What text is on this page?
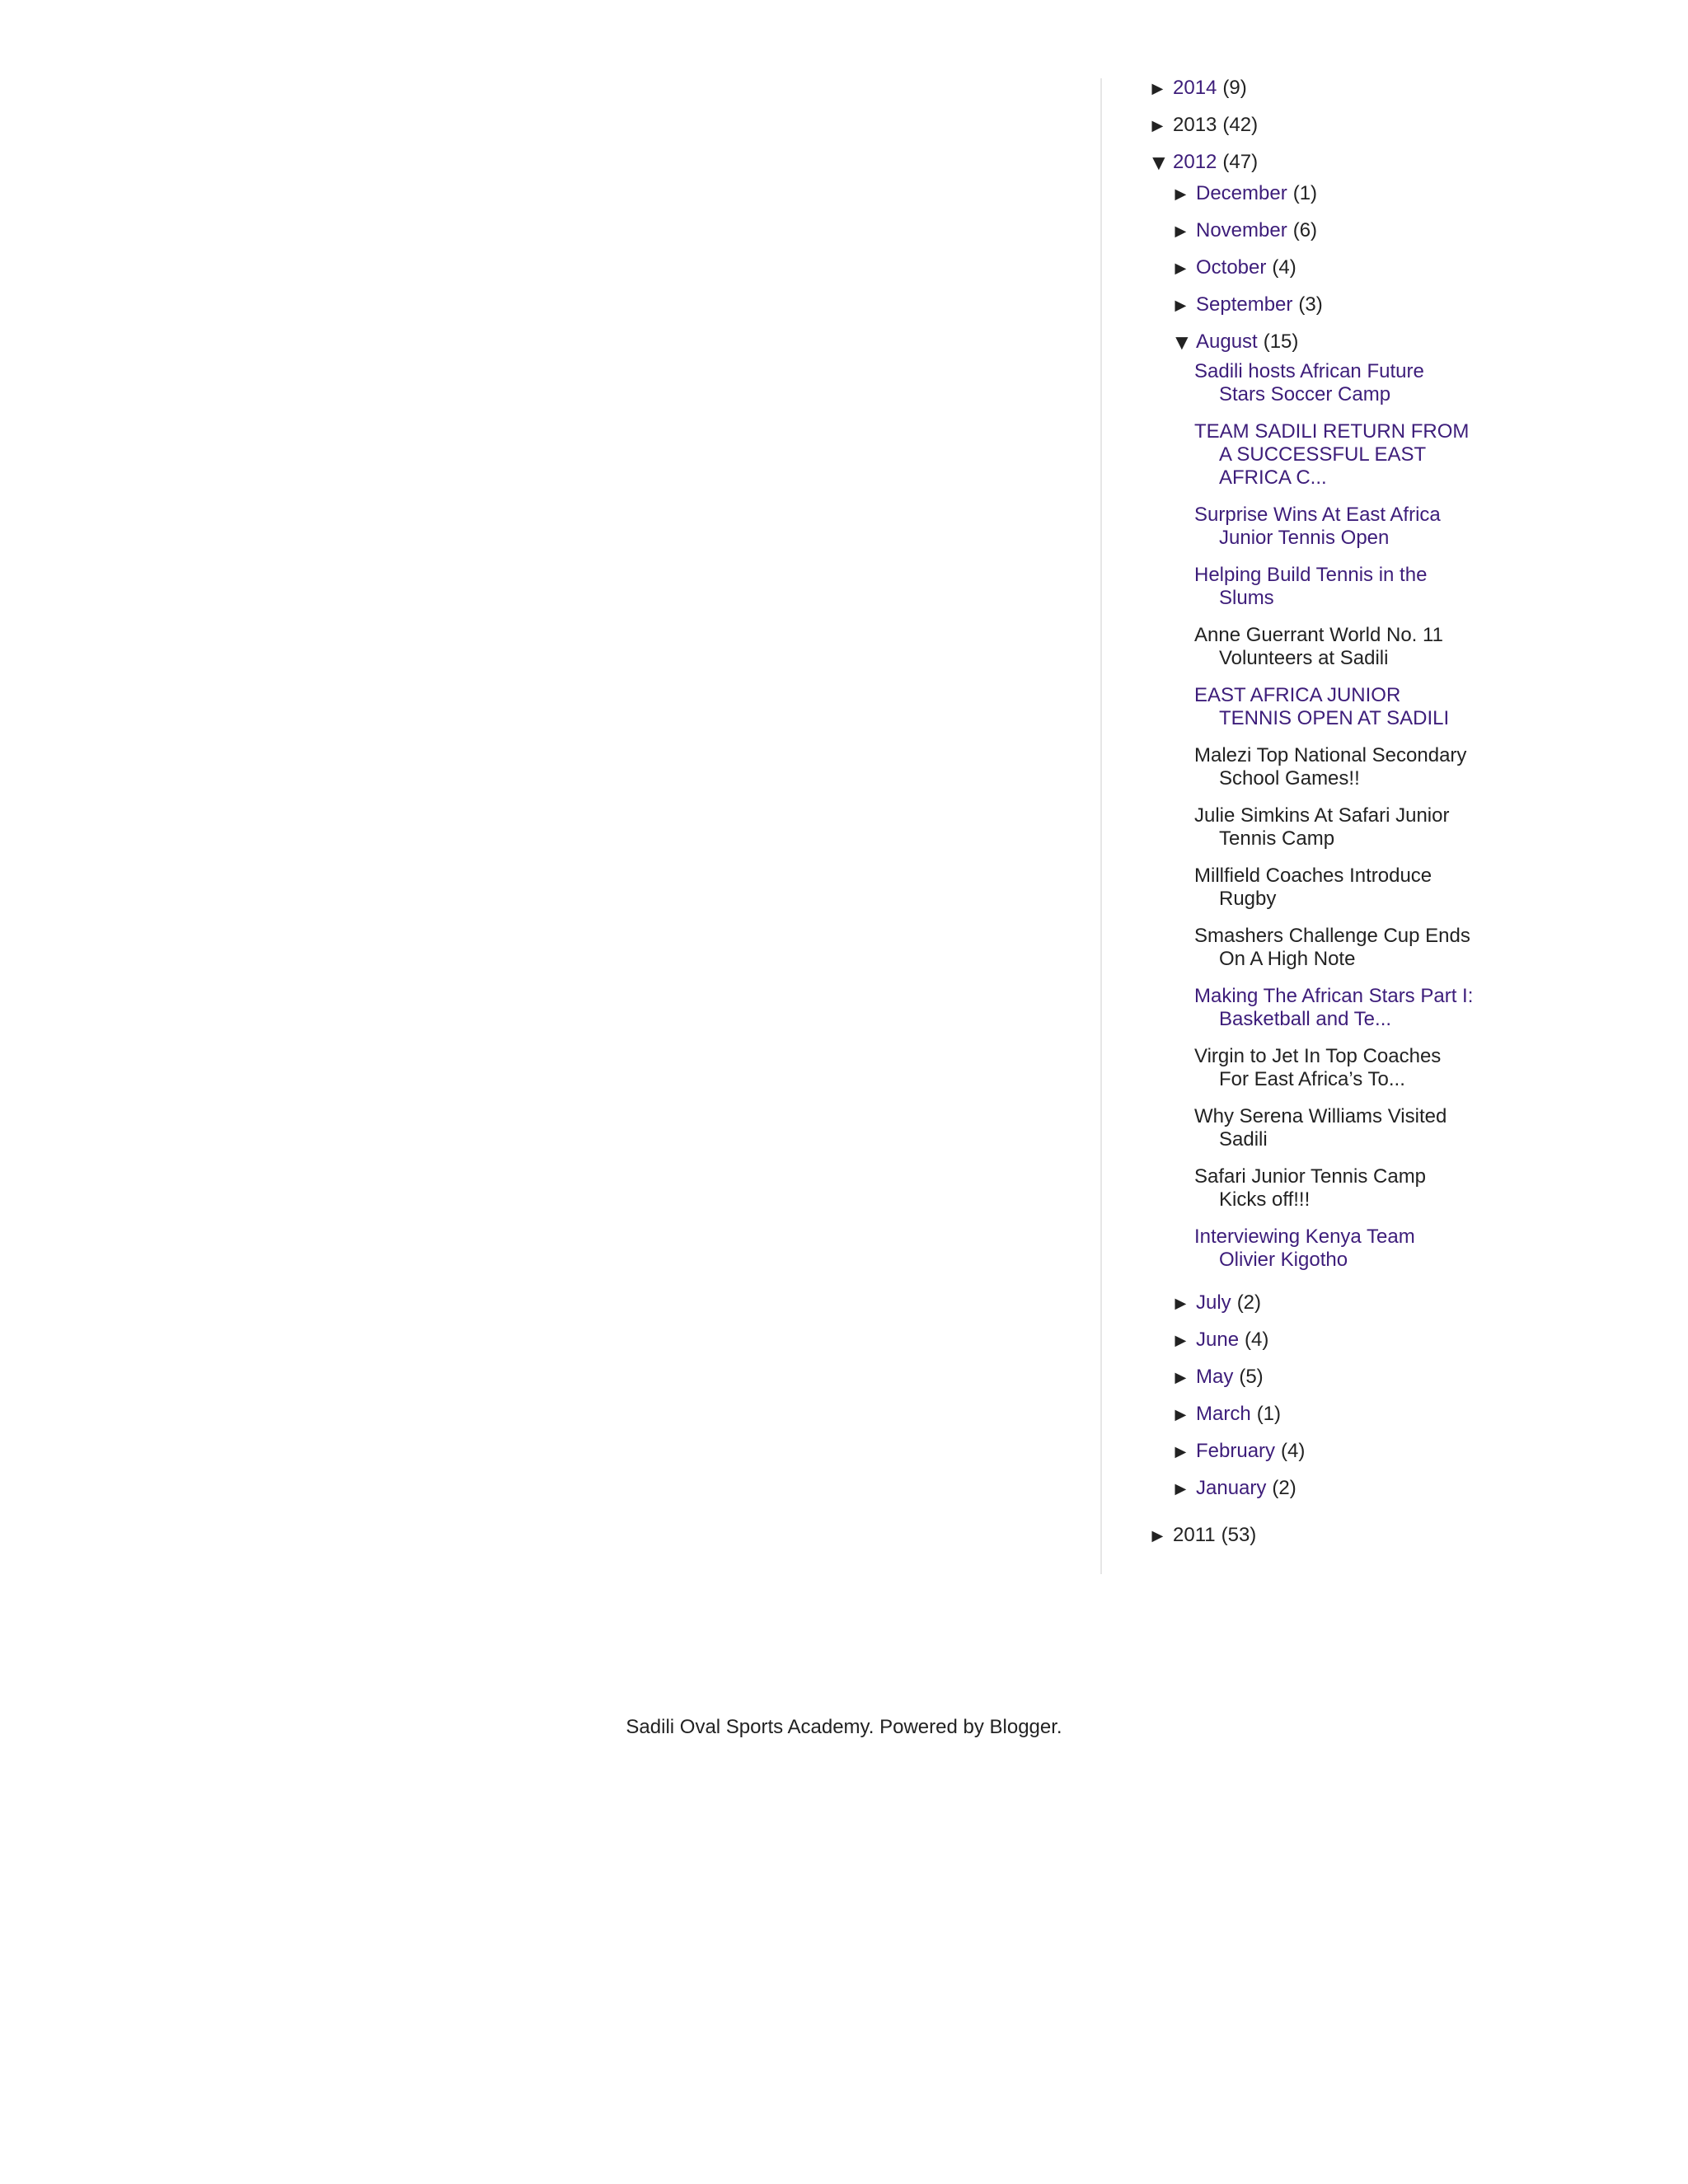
► 2014 (9)
► 2013 (42)
▼ 2012 (47)
► December (1)
► November (6)
► October (4)
► September (3)
▼ August (15)
Sadili hosts African Future Stars Soccer Camp
TEAM SADILI RETURN FROM A SUCCESSFUL EAST AFRICA C...
Surprise Wins At East Africa Junior Tennis Open
Helping Build Tennis in the Slums
Anne Guerrant World No. 11 Volunteers at Sadili
EAST AFRICA JUNIOR TENNIS OPEN AT SADILI
Malezi Top National Secondary School Games!!
Julie Simkins At Safari Junior Tennis Camp
Millfield Coaches Introduce Rugby
Smashers Challenge Cup Ends On A High Note
Making The African Stars Part I: Basketball and Te...
Virgin to Jet In Top Coaches For East Africa’s To...
Why Serena Williams Visited Sadili
Safari Junior Tennis Camp Kicks off!!!
Interviewing Kenya Team Olivier Kigotho
► July (2)
► June (4)
► May (5)
► March (1)
► February (4)
► January (2)
► 2011 (53)
Sadili Oval Sports Academy. Powered by Blogger.
